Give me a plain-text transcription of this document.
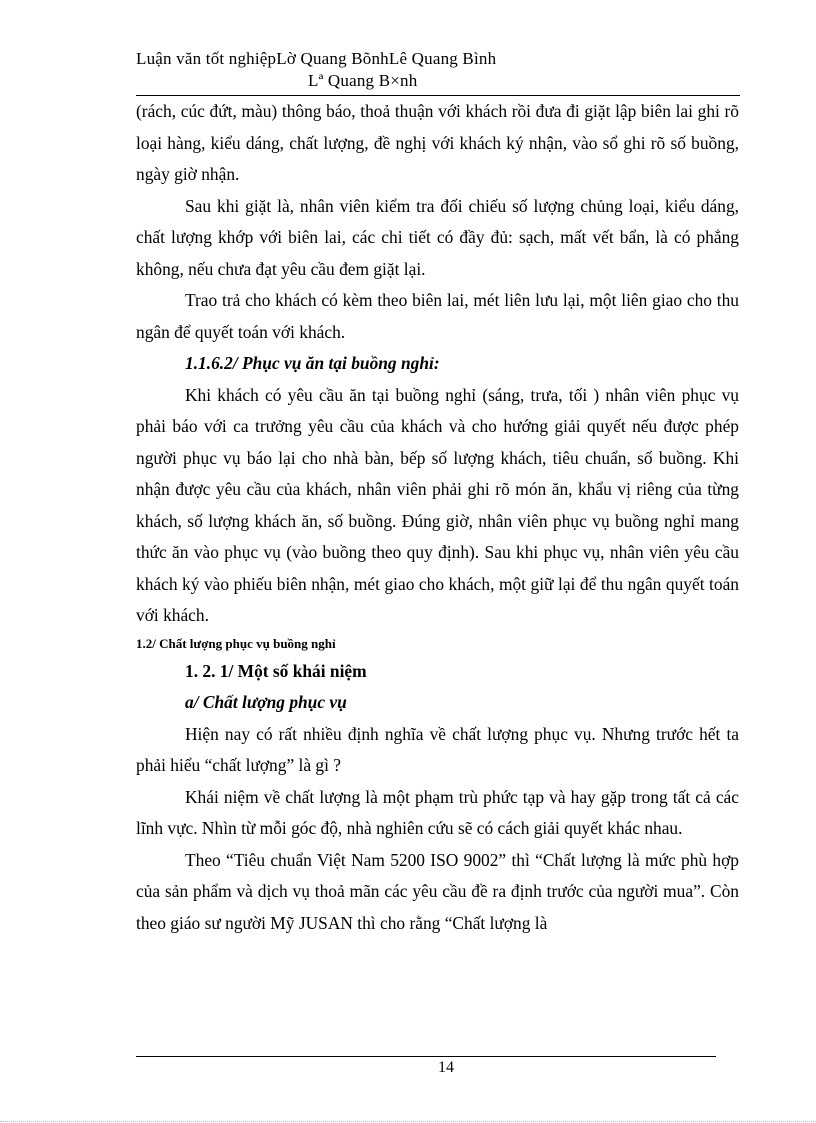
Luận văn tốt nghiệpLờ Quang BõnhLê Quang Bình
Lª Quang B×nh

(rách, cúc đứt, màu) thông báo, thoả thuận với khách rồi đưa đi giặt lập biên lai ghi rõ loại hàng, kiểu dáng, chất lượng, đề nghị với khách ký nhận, vào sổ ghi rõ số buồng, ngày giờ nhận.

Sau khi giặt là, nhân viên kiểm tra đối chiếu số lượng chủng loại, kiểu dáng, chất lượng khớp với biên lai, các chi tiết có đầy đủ: sạch, mất vết bẩn, là có phẳng không, nếu chưa đạt yêu cầu đem giặt lại.

Trao trả cho khách có kèm theo biên lai, mét liên lưu lại, một liên giao cho thu ngân để quyết toán với khách.

1.1.6.2/ Phục vụ ăn tại buồng nghỉ:

Khi khách có yêu cầu ăn tại buồng nghỉ (sáng, trưa, tối ) nhân viên phục vụ phải báo với ca trưởng yêu cầu của khách và cho hướng giải quyết nếu được phép người phục vụ báo lại cho nhà bàn, bếp số lượng khách, tiêu chuẩn, số buồng. Khi nhận được yêu cầu của khách, nhân viên phải ghi rõ món ăn, khẩu vị riêng của từng khách, số lượng khách ăn, số buồng. Đúng giờ, nhân viên phục vụ buồng nghỉ mang thức ăn vào phục vụ (vào buồng theo quy định). Sau khi phục vụ, nhân viên yêu cầu khách ký vào phiếu biên nhận, mét giao cho khách, một giữ lại để thu ngân quyết toán với khách.

1.2/ Chất lượng phục vụ buồng nghỉ

1. 2. 1/ Một số khái niệm

a/ Chất lượng phục vụ

Hiện nay có rất nhiều định nghĩa về chất lượng phục vụ. Nhưng trước hết ta phải hiểu “chất lượng” là gì ?

Khái niệm về chất lượng là một phạm trù phức tạp và hay gặp trong tất cả các lĩnh vực. Nhìn từ mỗi góc độ, nhà nghiên cứu sẽ có cách giải quyết khác nhau.

Theo “Tiêu chuẩn Việt Nam 5200 ISO 9002” thì “Chất lượng là mức phù hợp của sản phẩm và dịch vụ thoả mãn các yêu cầu đề ra định trước của người mua”. Còn theo giáo sư người Mỹ JUSAN thì cho rằng “Chất lượng là

14
